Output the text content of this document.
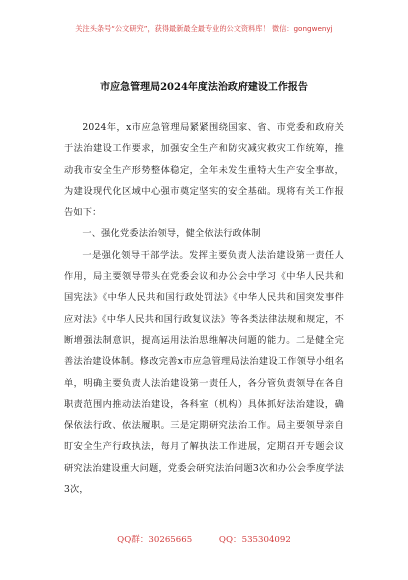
关注头条号“公文研究”，获得最新最全最专业的公文资料库！ 微信：gongwenyj
市应急管理局2024年度法治政府建设工作报告

2024年，x市应急管理局紧紧围绕国家、省、市党委和政府关于法治建设工作要求，加强安全生产和防灾减灾救灾工作统筹，推动我市安全生产形势整体稳定，全年未发生重特大生产安全事故，为建设现代化区域中心强市奠定坚实的安全基础。现将有关工作报告如下：

一、强化党委法治领导，健全依法行政体制

一是强化领导干部学法。发挥主要负责人法治建设第一责任人作用，局主要领导带头在党委会议和办公会中学习《中华人民共和国宪法》《中华人民共和国行政处罚法》《中华人民共和国突发事件应对法》《中华人民共和国行政复议法》等各类法律法规和规定，不断增强法制意识，提高运用法治思维解决问题的能力。二是健全完善法治建设体制。修改完善x市应急管理局法治建设工作领导小组名单，明确主要负责人法治建设第一责任人，各分管负责领导在各自职责范围内推动法治建设，各科室（机构）具体抓好法治建设，确保依法行政、依法履职。三是定期研究法治工作。局主要领导亲自盯安全生产行政执法，每月了解执法工作进展，定期召开专题会议研究法治建设重大问题，党委会研究法治问题3次和办公会季度学法3次，

QQ群：30265665	QQ：535304092
